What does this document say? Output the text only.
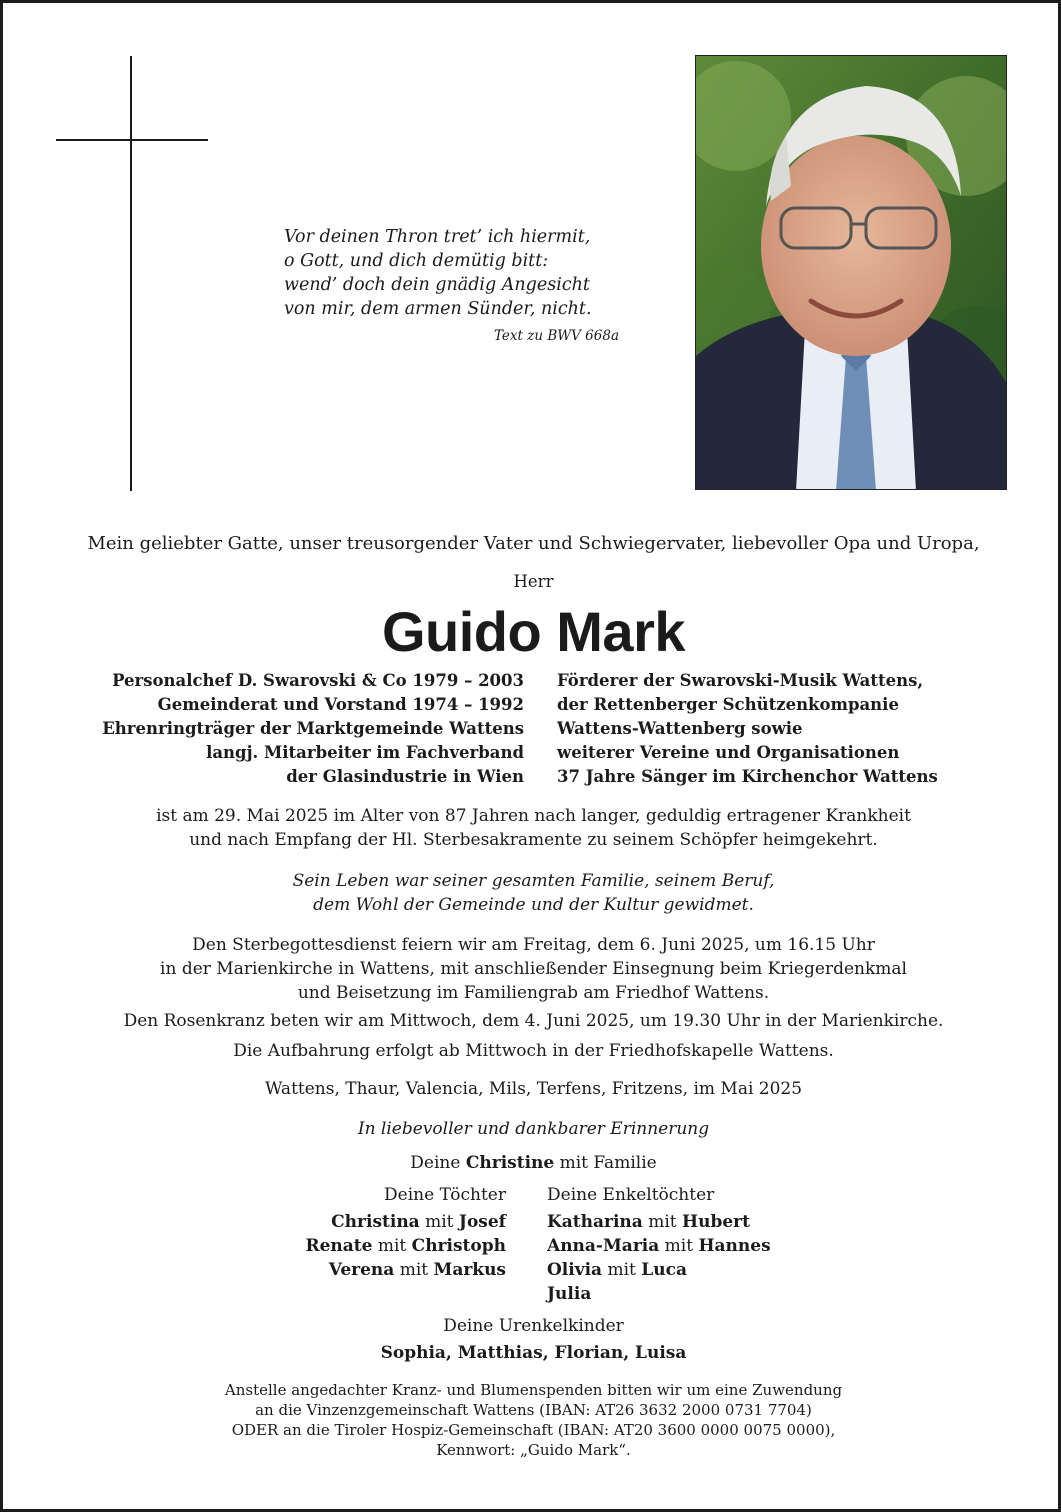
Vor deinen Thron tret’ ich hiermit,
o Gott, und dich demütig bitt:
wend’ doch dein gnädig Angesicht
von mir, dem armen Sünder, nicht.
Text zu BWV 668a
Mein geliebter Gatte, unser treusorgender Vater und Schwiegervater, liebevoller Opa und Uropa,
Herr
Guido Mark
Personalchef D. Swarovski & Co 1979 – 2003
Gemeinderat und Vorstand 1974 – 1992
Ehrenringträger der Marktgemeinde Wattens
langj. Mitarbeiter im Fachverband
der Glasindustrie in Wien
Förderer der Swarovski-Musik Wattens,
der Rettenberger Schützenkompanie
Wattens-Wattenberg sowie
weiterer Vereine und Organisationen
37 Jahre Sänger im Kirchenchor Wattens
ist am 29. Mai 2025 im Alter von 87 Jahren nach langer, geduldig ertragener Krankheit
und nach Empfang der Hl. Sterbesakramente zu seinem Schöpfer heimgekehrt.
Sein Leben war seiner gesamten Familie, seinem Beruf,
dem Wohl der Gemeinde und der Kultur gewidmet.
Den Sterbegottesdienst feiern wir am Freitag, dem 6. Juni 2025, um 16.15 Uhr
in der Marienkirche in Wattens, mit anschließender Einsegnung beim Kriegerdenkmal
und Beisetzung im Familiengrab am Friedhof Wattens.
Den Rosenkranz beten wir am Mittwoch, dem 4. Juni 2025, um 19.30 Uhr in der Marienkirche.
Die Aufbahrung erfolgt ab Mittwoch in der Friedhofskapelle Wattens.
Wattens, Thaur, Valencia, Mils, Terfens, Fritzens, im Mai 2025
In liebevoller und dankbarer Erinnerung
Deine Christine mit Familie
Deine Töchter Deine Enkeltöchter
Christina mit Josef
Renate mit Christoph
Verena mit Markus
Katharina mit Hubert
Anna-Maria mit Hannes
Olivia mit Luca
Julia
Deine Urenkelkinder
Sophia, Matthias, Florian, Luisa
Anstelle angedachter Kranz- und Blumenspenden bitten wir um eine Zuwendung
an die Vinzenzgemeinschaft Wattens (IBAN: AT26 3632 2000 0731 7704)
ODER an die Tiroler Hospiz-Gemeinschaft (IBAN: AT20 3600 0000 0075 0000),
Kennwort: „Guido Mark“.
